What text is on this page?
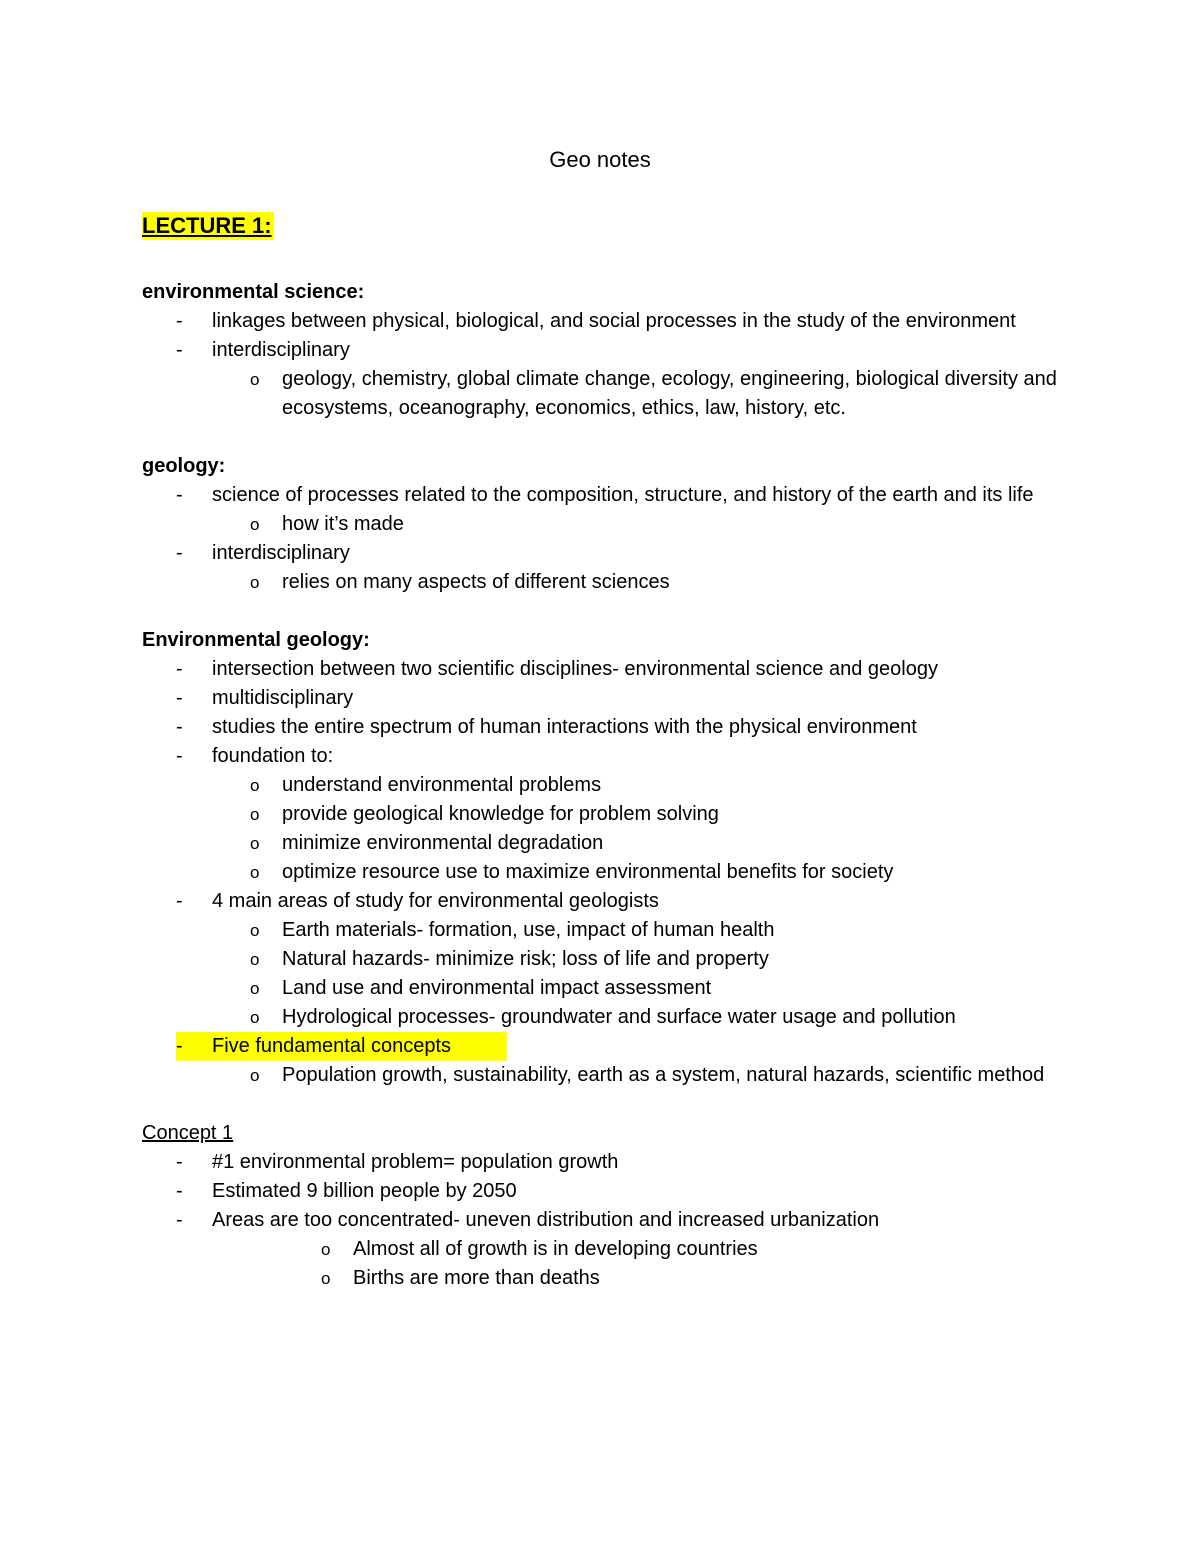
Geo notes
LECTURE 1:
environmental science:
- linkages between physical, biological, and social processes in the study of the environment
- interdisciplinary
o geology, chemistry, global climate change, ecology, engineering, biological diversity and ecosystems, oceanography, economics, ethics, law, history, etc.
geology:
- science of processes related to the composition, structure, and history of the earth and its life
o how it’s made
- interdisciplinary
o relies on many aspects of different sciences
Environmental geology:
- intersection between two scientific disciplines- environmental science and geology
- multidisciplinary
- studies the entire spectrum of human interactions with the physical environment
- foundation to:
o understand environmental problems
o provide geological knowledge for problem solving
o minimize environmental degradation
o optimize resource use to maximize environmental benefits for society
- 4 main areas of study for environmental geologists
o Earth materials- formation, use, impact of human health
o Natural hazards- minimize risk; loss of life and property
o Land use and environmental impact assessment
o Hydrological processes- groundwater and surface water usage and pollution
- Five fundamental concepts
o Population growth, sustainability, earth as a system, natural hazards, scientific method
Concept 1
- #1 environmental problem= population growth
- Estimated 9 billion people by 2050
- Areas are too concentrated- uneven distribution and increased urbanization
o Almost all of growth is in developing countries
o Births are more than deaths
